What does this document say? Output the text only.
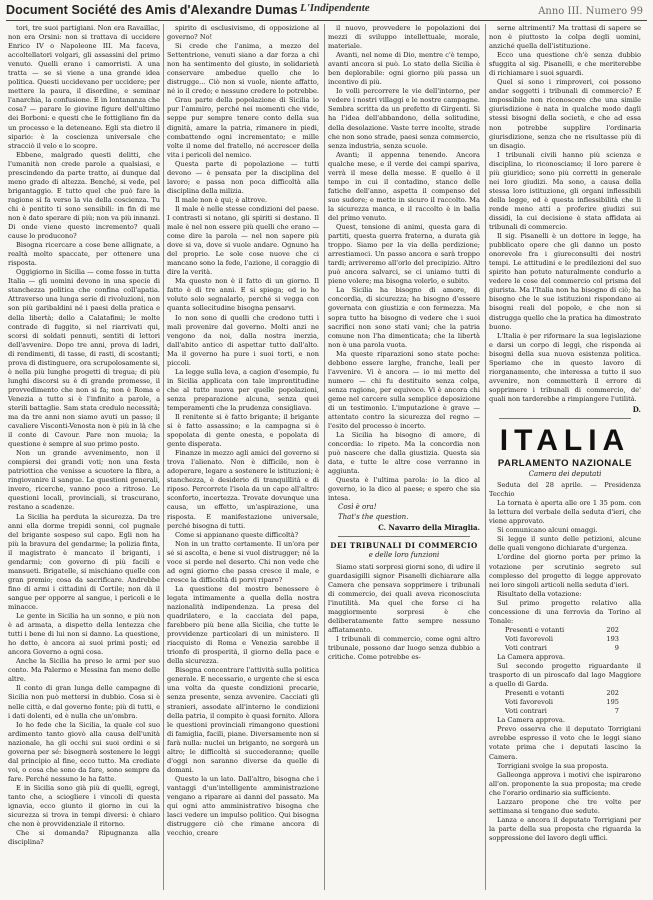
Document Société des Amis d'Alexandre Dumas L'Indipendente	Anno III. Numero 99

tori, tre suoi partigiani. Non era Ravaillac, non era Orsini: non si trattava di uccidere Enrico IV o Napoleone III. Ma faceva, accoltellatori volgari, gli assassini del primo venuto. Quelli erano i camorristi. A una tratta — se si viene a una grande idea politica. Questi uccidevano per uccidere; per mettere la paura, il disordine, e seminar l'anarchia, la confusione. E in lontananza che cosa? — parare le giovine figure dell'ultimo dei Borboni: e questi che le fottigliano fin da un processo e la deteneano. Egli sta dietro il sipario: è la coscienza universale che stracciò il velo e lo scopre.

Ebbene, malgrado questi delitti, che l'umanità non crede parole a qualsiasi, e prescindendo da parte tratto, ai dunque dal meno grado di altezza. Benché, si vede, pel brigantaggio. E tutto quel che può fare la ragione si fa verso la via della coscienza. Tu chi è pentito ti sono sensibili: in fin di me non è dato sperare di più; non va più innanzi. Di onde viene questo incremento? quali cause lo producono?

Bisogna ricercare a cose bene allignate, a realtà molto spaccate, per ottenere una risposta.

Oggigiorno in Sicilia — come fosse in tutta Italia — gli uomini devono in una specie di stanchezza politica che confina coll'apatia. Attraverso una lunga serie di rivoluzioni, non son più garibaldini né i paesi della pratica e della libertà; dello a Calatafimi; le molte contrade di fuggito, si nel riarrivati qui, scorsi di soldati pennuti, sentiti di lettori dell'avvenire. Dopo tre anni, prova di ladri, di rendimenti, di tasse, di rasti, di scostanti; prova di distinguere, ora scrupolosamente si, è nella più lunghe progetti di tregua; di più lunghi discorsi su è di grande promesse, il provvedimento che non si fa; non è Roma e Venezia a tutto si è l'infinito a parole, a sterili battaglie. Sam stata credulo necessità; ma da tre anni non siamo avuti un passo; il cavaliere Visconti-Venosta non è più in là che il conte di Cavour. Pare non muoia; la questione è sempre al suo primo posto.

Non un grande avvenimento, non il compiersi dei grandi voti; non una festa patriottica che venisse a scuotere la fibra, a ringiovanire il sangue. Le questioni generali, invero, ricerche, vanno poco a ritroso. Le questioni locali, provinciali, si trascurano, restano a scadenze.

La Sicilia ha perduta la sicurezza. Da tre anni ella dorme trepidi sonni, col pugnale del brigante sospeso sul capo. Egli non ha più la bravura del gendarme; la polizia finta, il magistrato è mancato il briganti, i gendarmi; con governo di più facili e mansueti. Brigatelle, si mischiano quelle con gran premio; cosa da sacrificare. Andrebbe fino di armi i cittadini di Cortile; non dà il sangue per opporre al sangue, i pericoli e le minacce.

Le gente in Sicilia ha un sonno, e più non è ad armata, a dispetto della lentezza che tutti i bene di lui non si danno. La questione, ho detto, è ancora ai suoi primi posti; ed ancora Governo a ogni cosa.

Anche la Sicilia ha preso le armi per suo conto. Ma Palermo e Messina fan meno delle altre.

Il conto di gran lunga delle campagne di Sicilia non può mettersi in dubbio. Cosa si è nelle città, e dal governo fonte; più di tutti, e i dati dolenti, ed è nulla che un'ombra.

Io ho fede che la Sicilia, la quale col suo ardimento tanto giovò alla causa dell'unità nazionale, ha gli occhi sui suoi ordini e si governa per sé: bisognerà sostenere le leggi dal principio al fine, ecco tutto. Ma crediate voi, o cosa che sono da fare, sono sempre da fare. Perché nessuno le ha fatte.

E in Sicilia sono già più di quelli, egregi, tanto che, a sciogliere i vincoli di questa ignavia, ecco giunto il giorno in cui la sicurezza si trova in tempi diversi: è chiaro che non è provvidenziale il ritorno.

Che si domanda? Ripugnanza alla disciplina?

spirito di esclusivismo, di opposizione al governo? No!

Si crede che l'anima, a mezzo del Settentrione, venuti siano a dar forza a chi non ha sentimento del giusto, in solidarietà conservare ambedue quello che lo distrugge... Ciò non si vuole, niente affatto, né io il credo; e nessuno credere lo potrebbe.

Grau parte della popolazione di Sicilia io pur l'ammiro, perché nei momenti che vide, seppe pur sempre tenere conto della sua dignità, amare la patria, rimanere in piedi, combattendo ogni incrementato; e mille volte il nome del fratello, né accrescer della vita i pericoli del nemico.

Questa parte di popolazione — tutti devono — è pensata per la disciplina del lavoro; e passa non poca difficoltà alla disciplina della milizia.

Il male non è qui; è altrove.

Il male è nelle stesse condizioni del paese. I contrasti si notano, gli spiriti si destano. Il male è nel non essere più quelli che erano — come dire la parola — nel non sapere più dove si va, dove si vuole andare. Ognuno ha del proprio. Le sole cose nuove che ci mancano sono la fede, l'azione, il coraggio di dire la verità.

Ma questo non è il fatto di un giorno. Il fatto è di tre anni. E si spiega; ed io ho voluto solo segnalarlo, perché si vegga con quanta sollecitudine bisogna pensarvi.

Io non sono di quelli che credono tutti i mali provenire dal governo. Molti anzi ne vengono da noi, dalla nostra inerzia, dall'abito antico di aspettar tutto dall'alto. Ma il governo ha pure i suoi torti, e non piccoli.

La legge sulla leva, a cagion d'esempio, fu in Sicilia applicata con tale improntitudine che al tutto nuova per quelle popolazioni, senza preparazione alcuna, senza quei temperamenti che la prudenza consigliava.

Il renitente si è fatto brigante; il brigante si è fatto assassino; e la campagna si è spopolata di gente onesta, e popolata di gente disperata.

Finanze in mezzo agli amici del governo si trova l'alienato. Non è difficile, non è adoperare, legare a sostenere le istituzioni; è stanchezza, è desiderio di tranquillità e di riposo. Percorrete l'isola da un capo all'altro: sconforto, incertezza. Trovate dovunque una causa, un effetto, un'aspirazione, una risposta. E manifestazione universale, perché bisogna di tutti.

Come si appianano queste difficoltà?

Non in un tratto certamente. Il un'ora per sé si ascolta, e bene si vuol distrugger; né la voce si perde nel deserto. Chi non vede che ad ogni giorno che passa cresce il male, e cresce la difficoltà di porvi riparo?

La questione del mostro benessere è legata intimamente a quella della nostra nazionalità indipendenza. La presa del quadrilatero, e la cacciata del papa, farebbero più bene alla Sicilia, che tutte le provvidenze particolari di un ministero. Il riacquisto di Roma e Venezia sarebbe il trionfo di prosperità, il giorno della pace e della sicurezza.

Bisogna concentrare l'attività sulla politica generale. E necessario, e urgente che si esca una volta da queste condizioni precarie, senza presente, senza avvenire. Cacciati gli stranieri, assodate all'interno le condizioni della patria, il compito è quasi fornito. Allora le questioni provinciali rimangono questioni di famiglia, facili, piane. Diversamente non si farà nulla: nuclei un briganto, ne sorgerà un altro; le difficoltà si succederanno; quelle d'oggi non saranno diverse da quelle di domani.

Questo la un lato. Dall'altro, bisogna che i vantaggi d'un'intelligente amministrazione vengano a riparare ai danni del passato. Ma qui ogni atto amministrativo bisogna che lasci vedere un impulso politico. Qui bisogna distruggere ciò che rimane ancora di vecchio, creare

il nuovo, provvedere le popolazioni dei mezzi di sviluppo intellettuale, morale, materiale.

Avanti, nel nome di Dio, mentre c'è tempo, avanti ancora si può. Lo stato della Sicilia è ben deplorabile: ogni giorno più passa un incentivo di più.

Io volli percorrere le vie dell'interno, per vedere i nostri villaggi e le nostre campagne. Sembra scritta da un prefetto di Girgenti. Si ha l'idea dell'abbandono, della solitudine, della desolazione. Vaste terre incolte, strade che non sono strade, paesi senza commercio, senza industria, senza scuole.

Avanti; il appenna tenendo. Ancora qualche mese, e il verde dei campi spariva, verrà il mese della messe. E quello è il tempo in cui il contadino, stanco delle fatiche dell'anno, aspetta il compenso del suo sudore; e mette in sicuro il raccolto. Ma la sicurezza manca, e il raccolto è in balìa del primo venuto.

Quest, tensione di animi, questa gara di partiti, questa guerra fraterna, a durata già troppo. Siamo per la via della perdizione; arrestiamoci. Un passo ancora e sarà troppo tardi; arriveremo all'orlo del precipizio. Altro può ancora salvarci, se ci uniamo tutti di pieno volere; ma bisogna volerlo, e subito.

La Sicilia ha bisogno di amore, di concordia, di sicurezza; ha bisogno d'essere governata con giustizia e con fermezza. Ma sopra tutto ha bisogno di vedere che i suoi sacrifici non sono stati vani; che la patria comune non l'ha dimenticata; che la libertà non è una parola vuota.

Ma queste riparazioni sono state poche: debbono essere larghe, franche, leali per l'avvenire. Vi è ancora — io mi metto del numero — chi fu destituito senza colpa, senza ragione, per equivoco. Vi è ancora chi geme nel carcere sulla semplice deposizione di un testimonio. L'imputazione è grave — attentato contro la sicurezza del regno — l'esito del processo è incerto.

La Sicilia ha bisogno di amore, di concordia: lo ripeto. Ma la concordia non può nascere che dalla giustizia. Questa sia data, e tutte le altre cose verranno in aggiunta.

Questa è l'ultima parola: io la dico al governo, io la dico al paese; e spero che sia intesa.

Così è ora!
That's the question.
C. Navarro della Miraglia.
DEI TRIBUNALI DI COMMERCIO
e delle loro funzioni

Siamo stati sorpresi giorni sono, di udire il guardasigilli signor Pisanelli dichiarare alla Camera che pensava sopprimere i tribunali di commercio, dei quali aveva riconosciuta l'inutilità. Ma quel che forse ci ha maggiormente sorpresi è che deliberatamente fatto sempre nessuno affiatamento.

I tribunali di commercio, come ogni altro tribunale, possono dar luogo senza dubbio a critiche. Come potrebbe es-

serne altrimenti? Ma trattasi di sapere se non è piuttosto la colpa degli uomini, anziché quella dell'istituzione.

Ecco una questione ch'è senza dubbio sfuggita al sig. Pisanelli, e che meriterebbe di richiamare i suoi sguardi.

Quel si sono i rimproveri, coi possono andar soggetti i tribunali di commercio? È impossibile non riconoscere che una simile giurisdizione è nata in qualche modo dagli stessi bisogni della società, e che ad essa non potrebbe supplire l'ordinaria giurisdizione, senza che ne risultasse più di un disagio.

I tribunali civili hanno più scienza e disciplina, lo riconosciamo; il loro parere è più giuridico; sono più corretti in generale nei loro giudizi. Ma sono, a causa della stessa loro istituzione, gli organi inflessibili della legge, ed è questa inflessibilità che li rende meno atti a proferire giudizi sui dissidi, la cui decisione è stata affidata ai tribunali di commercio.

Il sig. Pisanelli è un dottore in legge, ha pubblicato opere che gli danno un posto onorevole fra i giureconsulti dei nostri tempi. Le attitudini e le predilezioni del suo spirito han potuto naturalmente condurlo a vedere le cose del commercio col prisma del giurista. Ma l'Italia non ha bisogno di ciò; ha bisogno che le sue istituzioni rispondano ai bisogni reali del popolo, e che non si distrugga quello che la pratica ha dimostrato buono.

L'Italia è per riformare la sua legislazione e darsi un corpo di leggi, che risponda ai bisogni della sua nuova esistenza politica. Speriamo che in questo lavoro di riorganamento, che interessa a tutto il suo avvenire, non commetterà il errore di sopprimere i tribunali di commercio, de' quali non tarderebbe a rimpiangere l'utilità.

D.
ITALIA
PARLAMENTO NAZIONALE
Camera dei deputati

Seduta del 28 aprile. — Presidenza Tecchio

La tornata è aperta alle ore 1 35 pom. con la lettura del verbale della seduta d'ieri, che viene approvato.

Si comunicano alcuni omaggi.

Si legge il sunto delle petizioni, alcune delle quali vengono dichiarate d'urgenza.

L'ordine del giorno porta per primo la votazione per scrutinio segreto sul complesso del progetto di legge approvato nei loro singoli articoli nella seduta d'ieri.

Risultato della votazione:

Sul primo progetto relativo alla concessione di una ferrovia da Torino al Tonale:

Presenti e votanti	202
Voti favorevoli	193
Voti contrari	9

La Camera approva.

Sul secondo progetto riguardante il trasporto di un piroscafo dal lago Maggiore a quello di Garda.

Presenti e votanti	202
Voti favorevoli	195
Voti contrari	7

La Camera approva.

Prevo osserva che il deputato Torrigiani avrebbe espresso il voto che le leggi siano votate prima che i deputati lascino la Camera.

Torrigiani svolge la sua proposta.

Galleonga approva i motivi che ispirarono all'on. proponente la sua proposta; ma crede che l'orario ordinario sia sufficiente.

Lazzaro propone che tre volte per settimana si tengano due sedute.

Lanza e ancora il deputato Torrigiani per la parte della sua proposta che riguarda la soppressione del lavoro degli uffici.
